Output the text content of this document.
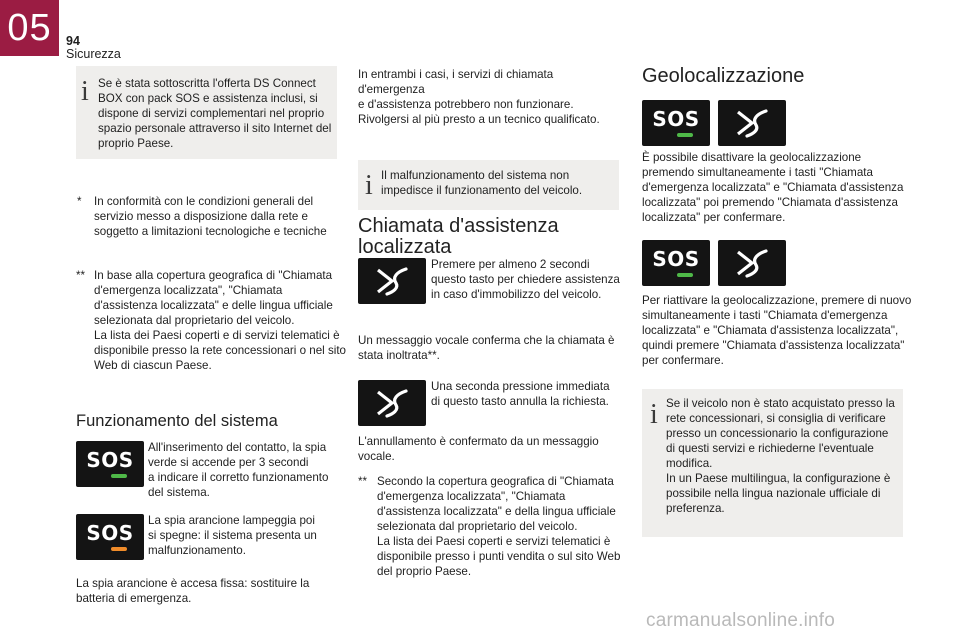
05	94
Sicurezza
i Se è stata sottoscritta l'offerta DS Connect
BOX con pack SOS e assistenza inclusi, si
dispone di servizi complementari nel proprio
spazio personale attraverso il sito Internet del
proprio Paese.
* In conformità con le condizioni generali del
servizio messo a disposizione dalla rete e
soggetto a limitazioni tecnologiche e tecniche
** In base alla copertura geografica di "Chiamata
d'emergenza localizzata", "Chiamata
d'assistenza localizzata" e delle lingua ufficiale
selezionata dal proprietario del veicolo.
La lista dei Paesi coperti e di servizi telematici è
disponibile presso la rete concessionari o nel sito
Web di ciascun Paese.
Funzionamento del sistema
SOS
All'inserimento del contatto, la spia
verde si accende per 3 secondi
a indicare il corretto funzionamento
del sistema.
SOS
La spia arancione lampeggia poi
si spegne: il sistema presenta un
malfunzionamento.
La spia arancione è accesa fissa: sostituire la
batteria di emergenza.
In entrambi i casi, i servizi di chiamata d'emergenza
e d'assistenza potrebbero non funzionare.
Rivolgersi al più presto a un tecnico qualificato.
i Il malfunzionamento del sistema non
impedisce il funzionamento del veicolo.
Chiamata d'assistenza
localizzata
Premere per almeno 2 secondi
questo tasto per chiedere assistenza
in caso d'immobilizzo del veicolo.
Un messaggio vocale conferma che la chiamata è
stata inoltrata**.
Una seconda pressione immediata
di questo tasto annulla la richiesta.
L'annullamento è confermato da un messaggio
vocale.
** Secondo la copertura geografica di "Chiamata
d'emergenza localizzata", "Chiamata
d'assistenza localizzata" e della lingua ufficiale
selezionata dal proprietario del veicolo.
La lista dei Paesi coperti e servizi telematici è
disponibile presso i punti vendita o sul sito Web
del proprio Paese.
Geolocalizzazione
SOS
È possibile disattivare la geolocalizzazione
premendo simultaneamente i tasti "Chiamata
d'emergenza localizzata" e "Chiamata d'assistenza
localizzata" poi premendo "Chiamata d'assistenza
localizzata" per confermare.
SOS
Per riattivare la geolocalizzazione, premere di nuovo
simultaneamente i tasti "Chiamata d'emergenza
localizzata" e "Chiamata d'assistenza localizzata",
quindi premere "Chiamata d'assistenza localizzata"
per confermare.
i Se il veicolo non è stato acquistato presso la
rete concessionari, si consiglia di verificare
presso un concessionario la configurazione
di questi servizi e richiederne l'eventuale
modifica.
In un Paese multilingua, la configurazione è
possibile nella lingua nazionale ufficiale di
preferenza.
carmanualsonline.info
